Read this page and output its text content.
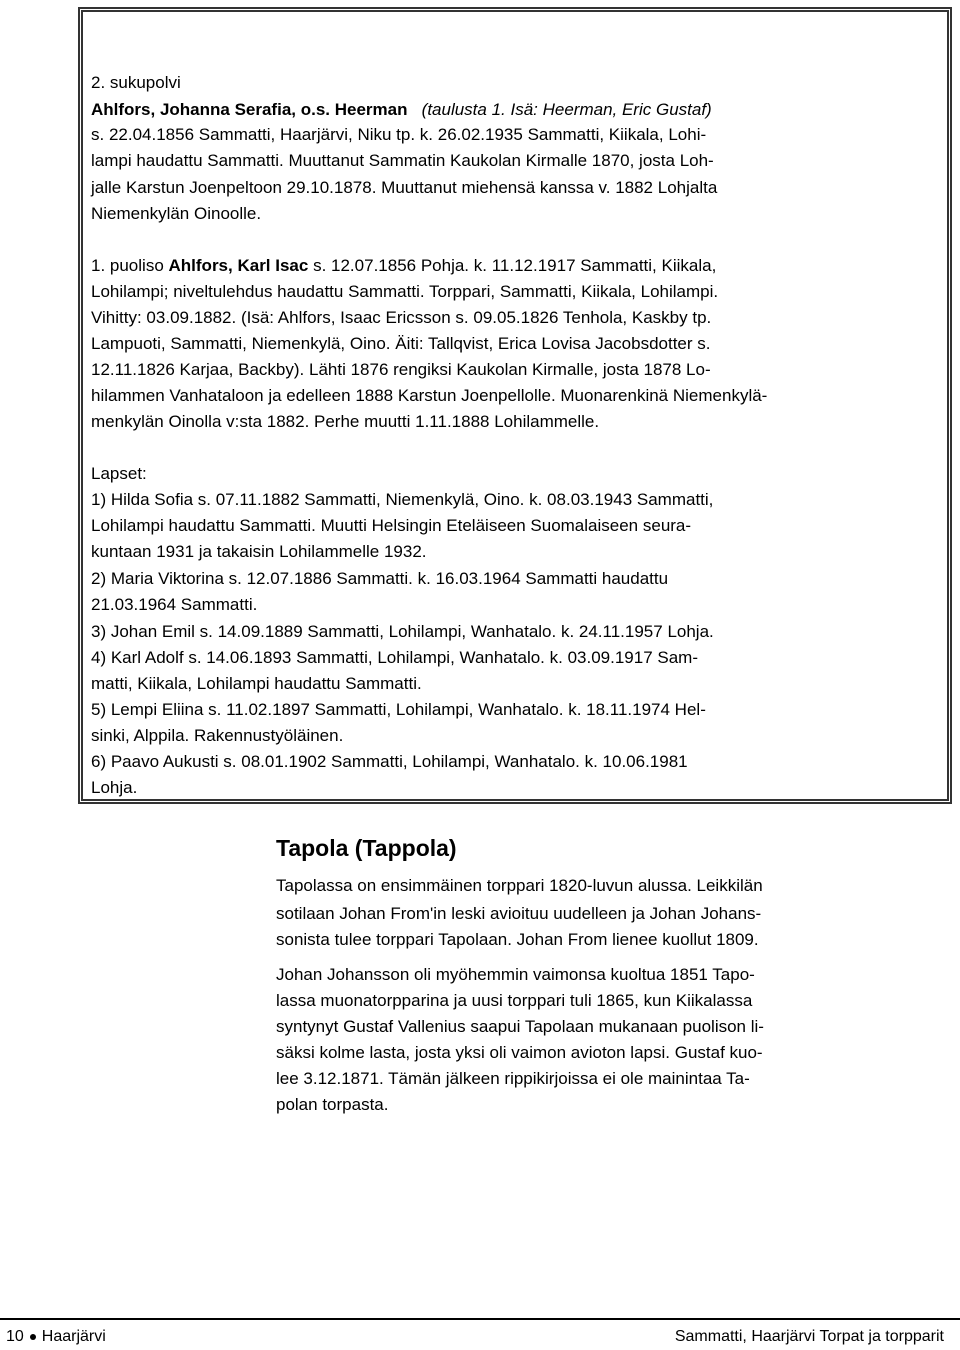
2. sukupolvi
Ahlfors, Johanna Serafia, o.s. Heerman (taulusta 1. Isä: Heerman, Eric Gustaf)
s. 22.04.1856 Sammatti, Haarjärvi, Niku tp. k. 26.02.1935 Sammatti, Kiikala, Lohi-
lampi haudattu Sammatti. Muuttanut Sammatin Kaukolan Kirmalle 1870, josta Loh-
jalle Karstun Joenpeltoon 29.10.1878. Muuttanut miehensä kanssa v. 1882 Lohjalta
Niemenkylän Oinoolle.
1. puoliso Ahlfors, Karl Isac s. 12.07.1856 Pohja. k. 11.12.1917 Sammatti, Kiikala,
Lohilampi; niveltulehdus haudattu Sammatti. Torppari, Sammatti, Kiikala, Lohilampi.
Vihitty: 03.09.1882. (Isä: Ahlfors, Isaac Ericsson s. 09.05.1826 Tenhola, Kaskby tp.
Lampuoti, Sammatti, Niemenkylä, Oino. Äiti: Tallqvist, Erica Lovisa Jacobsdotter s.
12.11.1826 Karjaa, Backby). Lähti 1876 rengiksi Kaukolan Kirmalle, josta 1878 Lo-
hilammen Vanhataloon ja edelleen 1888 Karstun Joenpellolle. Muonarenkinä Niemenkylä-
menkylän Oinolla v:sta 1882. Perhe muutti 1.11.1888 Lohilammelle.
Lapset:
1) Hilda Sofia s. 07.11.1882 Sammatti, Niemenkylä, Oino. k. 08.03.1943 Sammatti,
Lohilampi haudattu Sammatti. Muutti Helsingin Eteläiseen Suomalaiseen seura-
kuntaan 1931 ja takaisin Lohilammelle 1932.
2) Maria Viktorina s. 12.07.1886 Sammatti. k. 16.03.1964 Sammatti haudattu
21.03.1964 Sammatti.
3) Johan Emil s. 14.09.1889 Sammatti, Lohilampi, Wanhatalo. k. 24.11.1957 Lohja.
4) Karl Adolf s. 14.06.1893 Sammatti, Lohilampi, Wanhatalo. k. 03.09.1917 Sam-
matti, Kiikala, Lohilampi haudattu Sammatti.
5) Lempi Eliina s. 11.02.1897 Sammatti, Lohilampi, Wanhatalo. k. 18.11.1974 Hel-
sinki, Alppila. Rakennustyöläinen.
6) Paavo Aukusti s. 08.01.1902 Sammatti, Lohilampi, Wanhatalo. k. 10.06.1981
Lohja.
Tapola (Tappola)
Tapolassa on ensimmäinen torppari 1820-luvun alussa. Leikkilän
sotilaan Johan From'in leski avioituu uudelleen ja Johan Johans-
sonista tulee torppari Tapolaan. Johan From lienee kuollut 1809.
Johan Johansson oli myöhemmin vaimonsa kuoltua 1851 Tapo-
lassa muonatorpparina ja uusi torppari tuli 1865, kun Kiikalassa
syntynyt Gustaf Vallenius saapui Tapolaan mukanaan puolison li-
säksi kolme lasta, josta yksi oli vaimon avioton lapsi. Gustaf kuo-
lee 3.12.1871. Tämän jälkeen rippikirjoissa ei ole mainintaa Ta-
polan torpasta.
10 Haarjärvi	Sammatti, Haarjärvi Torpat ja torpparit
